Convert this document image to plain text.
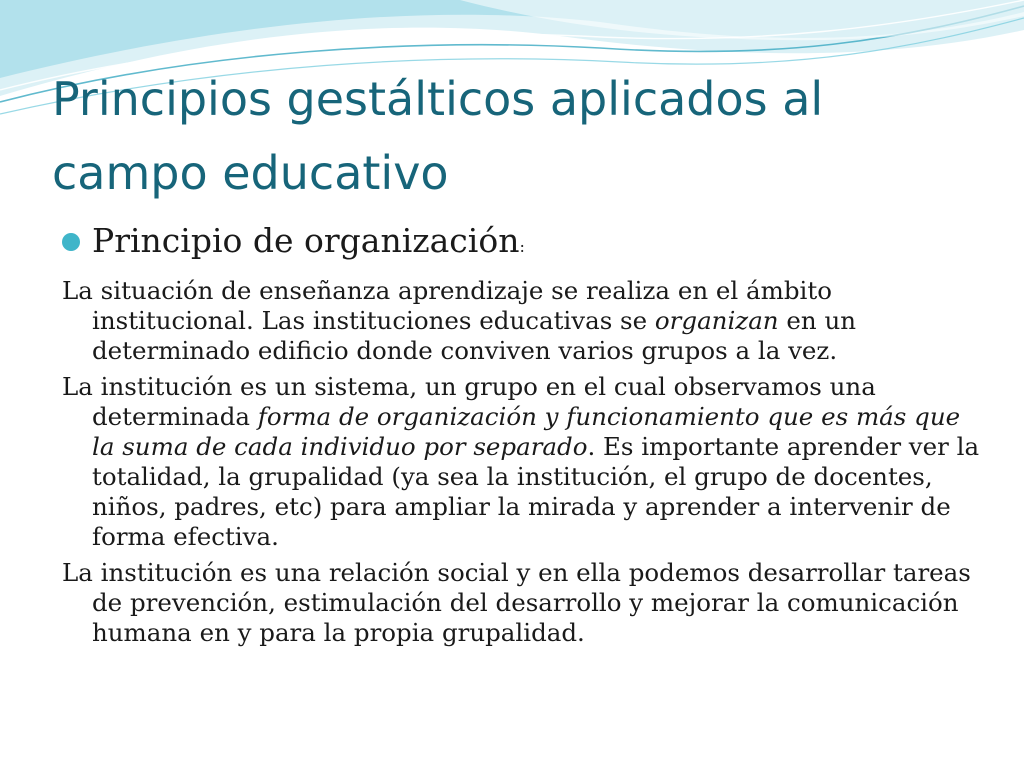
Principios gestálticos aplicados al campo educativo
Principio de organización:

La situación de enseñanza aprendizaje se realiza en el ámbito institucional. Las instituciones educativas se organizan en un determinado edificio donde conviven varios grupos a la vez.

La institución es un sistema, un grupo en el cual observamos una determinada forma de organización y funcionamiento que es más que la suma de cada individuo por separado. Es importante aprender ver la totalidad, la grupalidad (ya sea la institución, el grupo de docentes, niños, padres, etc) para ampliar la mirada y aprender a intervenir de forma efectiva.

La institución es una relación social y en ella podemos desarrollar tareas de prevención, estimulación del desarrollo y mejorar la comunicación humana en y para la propia grupalidad.
